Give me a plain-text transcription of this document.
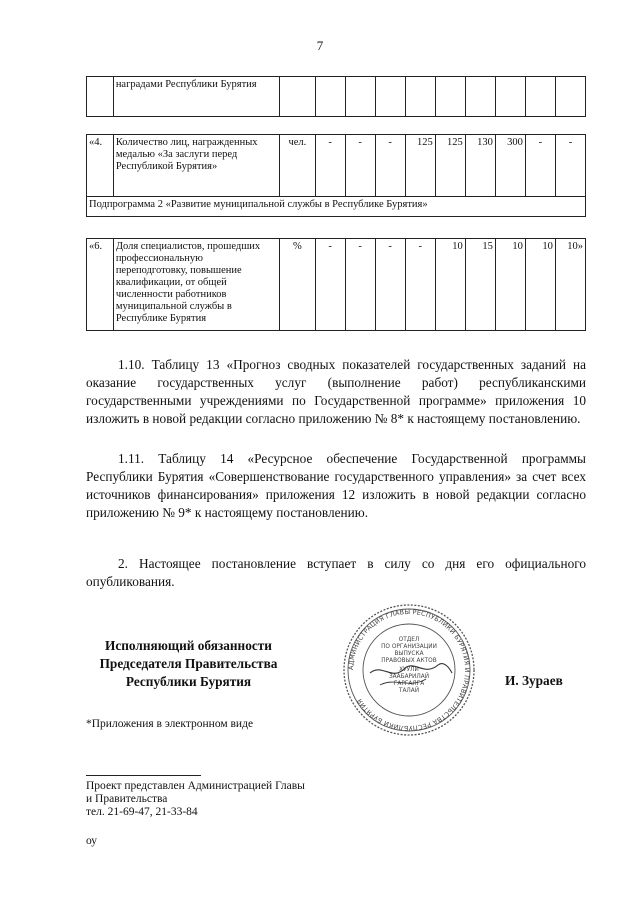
7
	наградами Республики Бурятия										
«4.	Количество лиц, награжденных медалью «За заслуги перед Республикой Бурятия»	чел.	-	-	-	125	125	130	300	-	-
Подпрограмма 2 «Развитие муниципальной службы в Республике Бурятия»
«6.	Доля специалистов, прошедших профессиональную переподготовку, повышение квалификации, от общей численности работников муниципальной службы в Республике Бурятия	%	-	-	-	-	10	15	10	10	10»

1.10. Таблицу 13 «Прогноз сводных показателей государственных заданий на оказание государственных услуг (выполнение работ) республиканскими государственными учреждениями по Государственной программе» приложения 10 изложить в новой редакции согласно приложению № 8* к настоящему постановлению.

1.11. Таблицу 14 «Ресурсное обеспечение Государственной программы Республики Бурятия «Совершенствование государственного управления» за счет всех источников финансирования» приложения 12 изложить в новой редакции согласно приложению № 9* к настоящему постановлению.

2. Настоящее постановление вступает в силу со дня его официального опубликования.

Исполняющий обязанности
Председателя Правительства
Республики Бурятия
АДМИНИСТРАЦИЯ ГЛАВЫ РЕСПУБЛИКИ БУРЯТИЯ И ПРАВИТЕЛЬСТВА РЕСПУБЛИКИ БУРЯТИЯ
ОТДЕЛ
ПО ОРГАНИЗАЦИИ
ВЫПУСКА
ПРАВОВЫХ АКТОВ
ХУУЛИ
ЗААБАРИЛАЙ
ГАРГАЛГА
ТАЛАЙ
И. Зураев
*Приложения в электронном виде
Проект представлен Администрацией Главы
и Правительства
тел. 21-69-47, 21-33-84
оу
